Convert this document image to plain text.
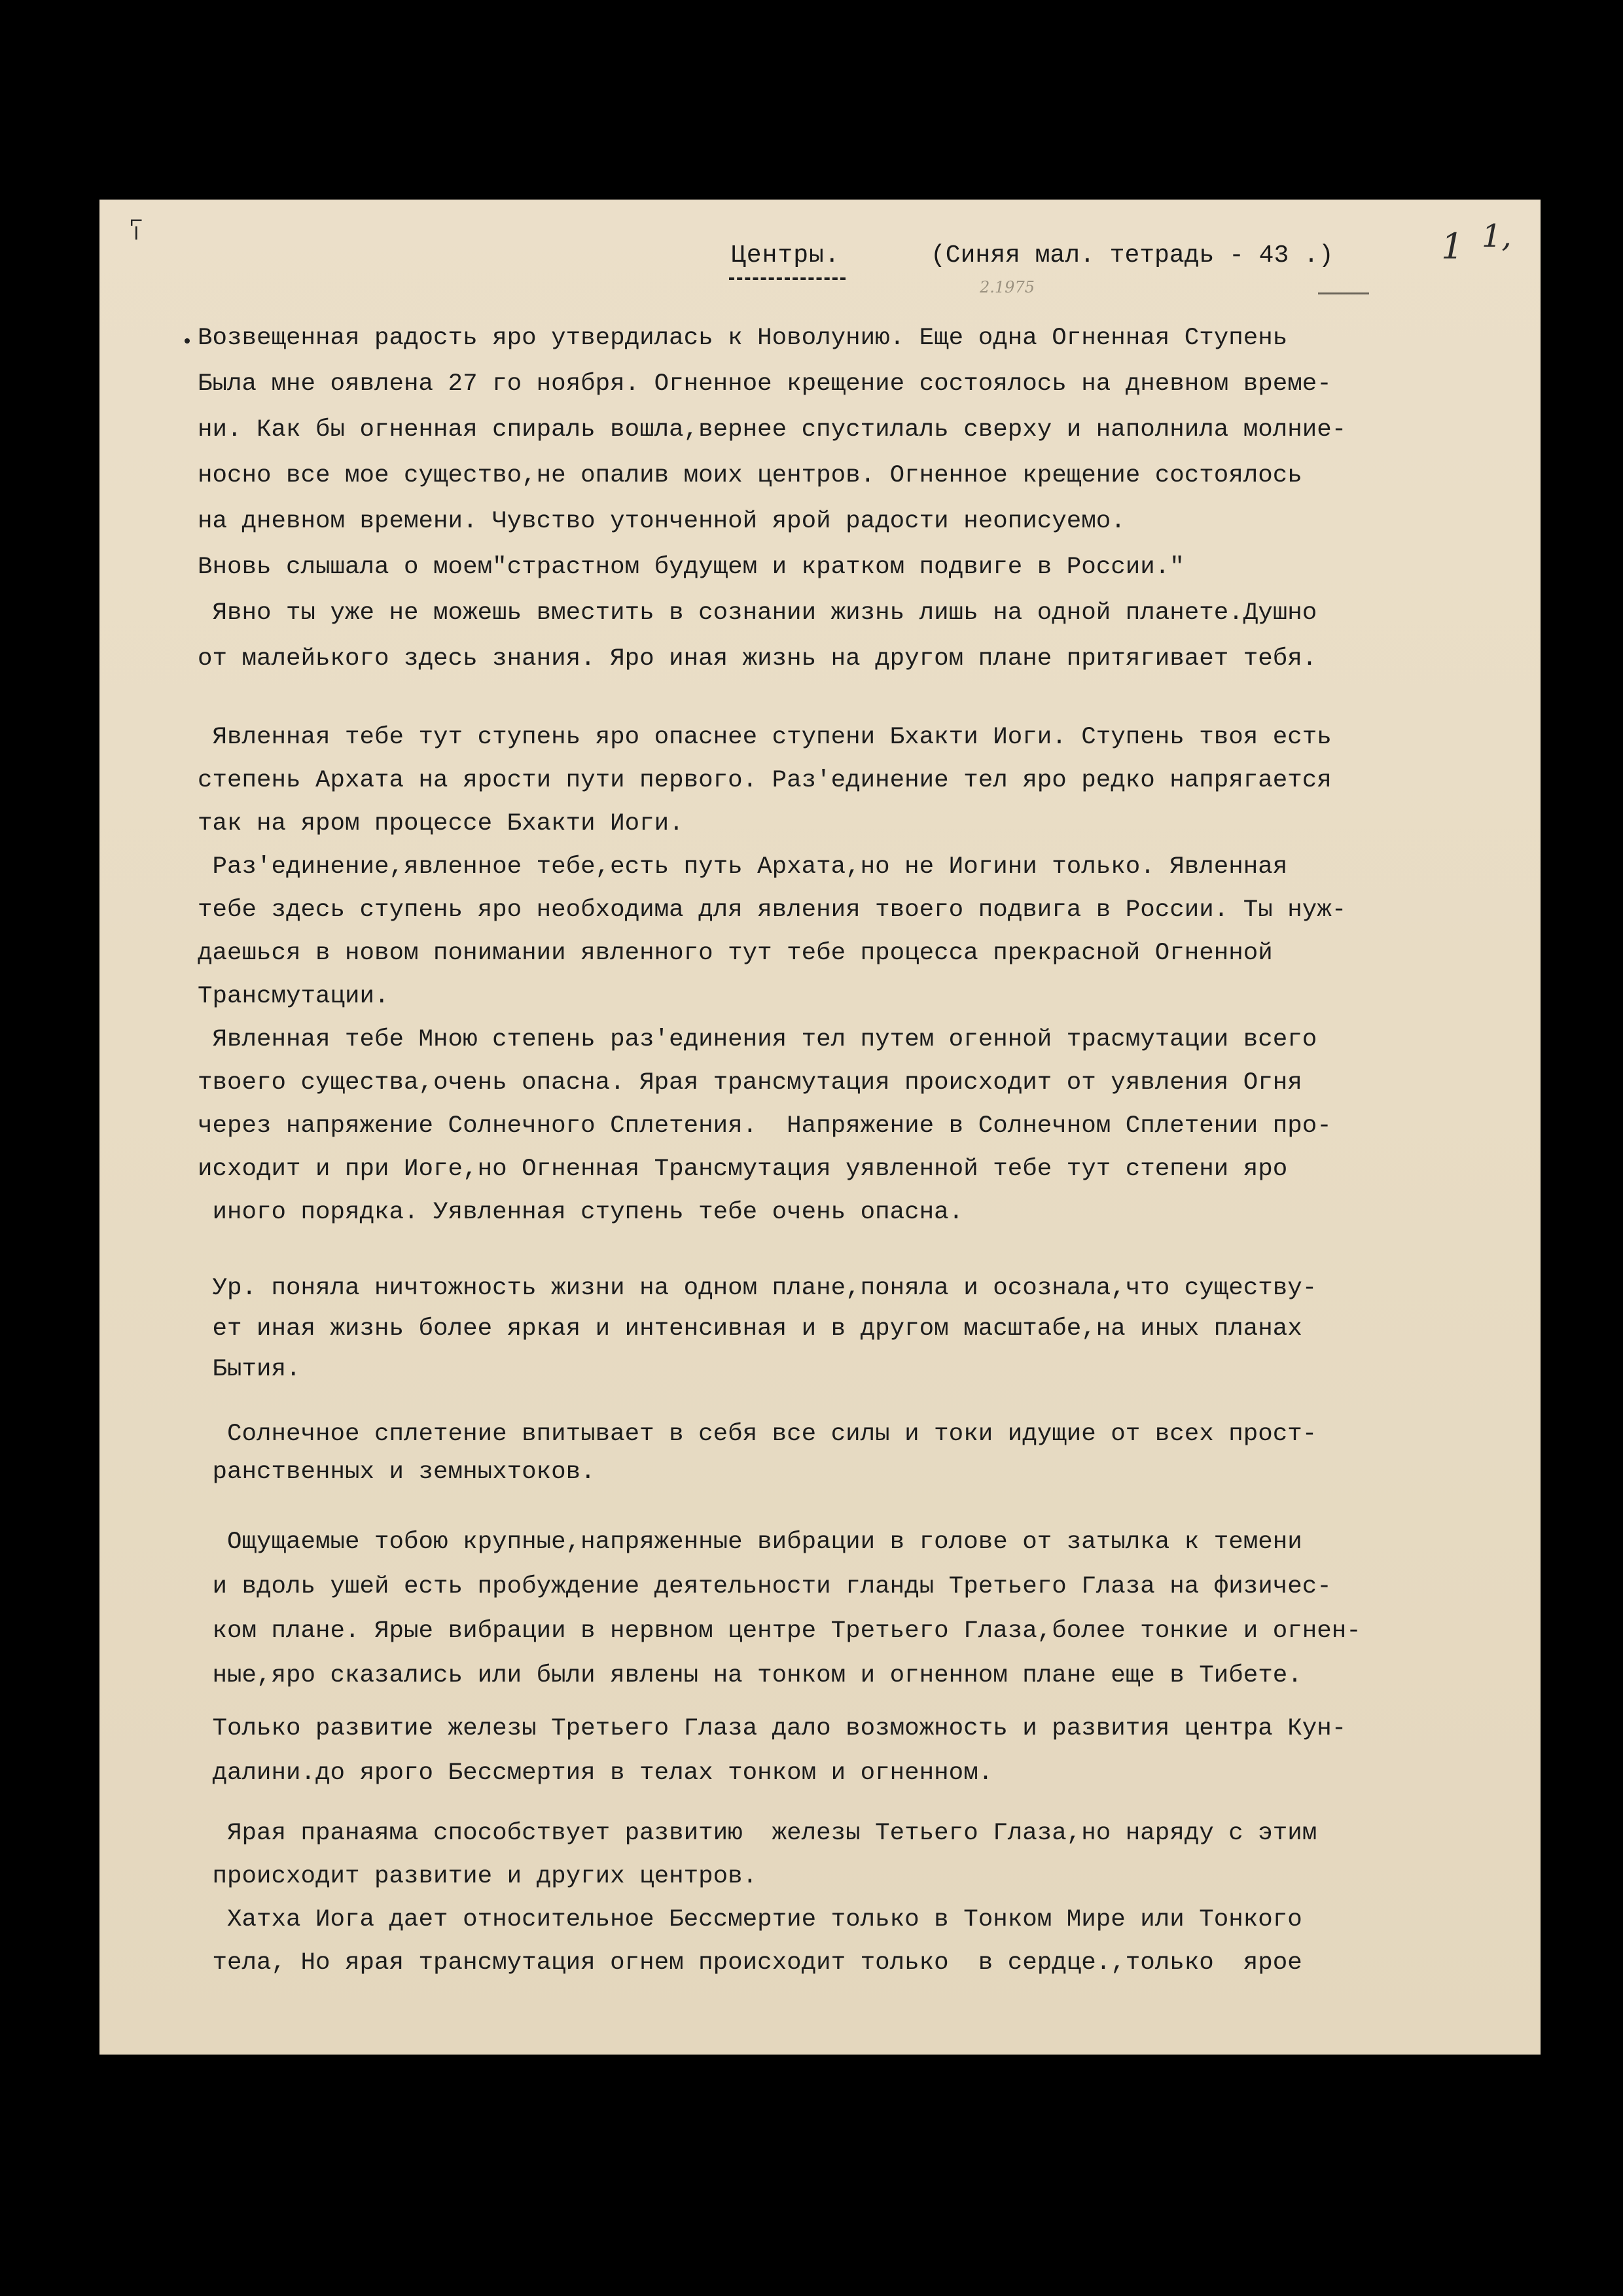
⌐
╵	Центры.	(Синяя мал. тетрадь - 43 .)
2.1975
1 1,
Возвещенная радость яро утвердилась к Новолунию. Еще одна Огненная Ступень
Была мне оявлена 27 го ноября. Огненное крещение состоялось на дневном време-
ни. Как бы огненная спираль вошла,вернее спустилаль сверху и наполнила молние-
носно все мое существо,не опалив моих центров. Огненное крещение состоялось
на дневном времени. Чувство утонченной ярой радости неописуемо.
Вновь слышала о моем"страстном будущем и кратком подвиге в России."
Явно ты уже не можешь вместить в сознании жизнь лишь на одной планете.Душно
от малейького здесь знания. Яро иная жизнь на другом плане притягивает тебя.
Явленная тебе тут ступень яро опаснее ступени Бхакти Иоги. Ступень твоя есть
степень Архата на ярости пути первого. Раз'единение тел яро редко напрягается
так на яром процессе Бхакти Иоги.
Раз'единение,явленное тебе,есть путь Архата,но не Иогини только. Явленная
тебе здесь ступень яро необходима для явления твоего подвига в России. Ты нуж-
даешься в новом понимании явленного тут тебе процесса прекрасной Огненной
Трансмутации.
Явленная тебе Мною степень раз'единения тел путем огенной трасмутации всего
твоего существа,очень опасна. Ярая трансмутация происходит от уявления Огня
через напряжение Солнечного Сплетения.  Напряжение в Солнечном Сплетении про-
исходит и при Иоге,но Огненная Трансмутация уявленной тебе тут степени яро
иного порядка. Уявленная ступень тебе очень опасна.
Ур. поняла ничтожность жизни на одном плане,поняла и осознала,что существу-
ет иная жизнь более яркая и интенсивная и в другом масштабе,на иных планах
Бытия.
Солнечное сплетение впитывает в себя все силы и токи идущие от всех прост-
ранственных и земныхтоков.
Ощущаемые тобою крупные,напряженные вибрации в голове от затылка к темени
и вдоль ушей есть пробуждение деятельности гланды Третьего Глаза на физичес-
ком плане. Ярые вибрации в нервном центре Третьего Глаза,более тонкие и огнен-
ные,яро сказались или были явлены на тонком и огненном плане еще в Тибете.
Только развитие железы Третьего Глаза дало возможность и развития центра Кун-
далини.до ярого Бессмертия в телах тонком и огненном.
Ярая пранаяма способствует развитию  железы Тетьего Глаза,но наряду с этим
происходит развитие и других центров.
Хатха Иога дает относительное Бессмертие только в Тонком Мире или Тонкого
тела, Но ярая трансмутация огнем происходит только  в сердце.,только  ярое
